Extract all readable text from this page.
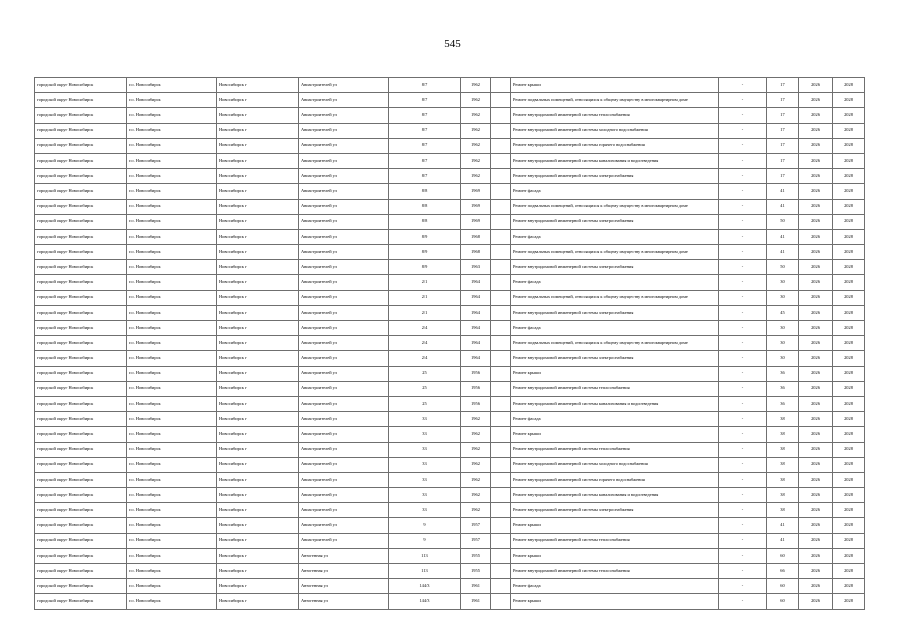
545
городской округ Новосибирск	г.о. Новосибирск	Новосибирск г	Авиастроителей ул	8/7	1962		Ремонт крыши	-	17	2026	2028
городской округ Новосибирск	г.о. Новосибирск	Новосибирск г	Авиастроителей ул	8/7	1962		Ремонт подвальных помещений, относящихся к общему имуществу в многоквартирном доме	-	17	2026	2028
городской округ Новосибирск	г.о. Новосибирск	Новосибирск г	Авиастроителей ул	8/7	1962		Ремонт внутридомовой инженерной системы теплоснабжения	-	17	2026	2028
городской округ Новосибирск	г.о. Новосибирск	Новосибирск г	Авиастроителей ул	8/7	1962		Ремонт внутридомовой инженерной системы холодного водоснабжения	-	17	2026	2028
городской округ Новосибирск	г.о. Новосибирск	Новосибирск г	Авиастроителей ул	8/7	1962		Ремонт внутридомовой инженерной системы горячего водоснабжения	-	17	2026	2028
городской округ Новосибирск	г.о. Новосибирск	Новосибирск г	Авиастроителей ул	8/7	1962		Ремонт внутридомовой инженерной системы канализования и водоотведения	-	17	2026	2028
городской округ Новосибирск	г.о. Новосибирск	Новосибирск г	Авиастроителей ул	8/7	1962		Ремонт внутридомовой инженерной системы электроснабжения	-	17	2026	2028
городской округ Новосибирск	г.о. Новосибирск	Новосибирск г	Авиастроителей ул	8/8	1969		Ремонт фасада	-	41	2026	2028
городской округ Новосибирск	г.о. Новосибирск	Новосибирск г	Авиастроителей ул	8/8	1969		Ремонт подвальных помещений, относящихся к общему имуществу в многоквартирном доме	-	41	2026	2028
городской округ Новосибирск	г.о. Новосибирск	Новосибирск г	Авиастроителей ул	8/8	1969		Ремонт внутридомовой инженерной системы электроснабжения	-	50	2026	2028
городской округ Новосибирск	г.о. Новосибирск	Новосибирск г	Авиастроителей ул	8/9	1968		Ремонт фасада	-	41	2026	2028
городской округ Новосибирск	г.о. Новосибирск	Новосибирск г	Авиастроителей ул	8/9	1968		Ремонт подвальных помещений, относящихся к общему имуществу в многоквартирном доме	-	41	2026	2028
городской округ Новосибирск	г.о. Новосибирск	Новосибирск г	Авиастроителей ул	8/9	1963		Ремонт внутридомовой инженерной системы электроснабжения	-	50	2026	2028
городской округ Новосибирск	г.о. Новосибирск	Новосибирск г	Авиастроителей ул	2/1	1964		Ремонт фасада	-	30	2026	2028
городской округ Новосибирск	г.о. Новосибирск	Новосибирск г	Авиастроителей ул	2/1	1964		Ремонт подвальных помещений, относящихся к общему имуществу в многоквартирном доме	-	30	2026	2028
городской округ Новосибирск	г.о. Новосибирск	Новосибирск г	Авиастроителей ул	2/1	1964		Ремонт внутридомовой инженерной системы электроснабжения	-	45	2026	2028
городской округ Новосибирск	г.о. Новосибирск	Новосибирск г	Авиастроителей ул	2/4	1964		Ремонт фасада	-	30	2026	2028
городской округ Новосибирск	г.о. Новосибирск	Новосибирск г	Авиастроителей ул	2/4	1964		Ремонт подвальных помещений, относящихся к общему имуществу в многоквартирном доме	-	30	2026	2028
городской округ Новосибирск	г.о. Новосибирск	Новосибирск г	Авиастроителей ул	2/4	1964		Ремонт внутридомовой инженерной системы электроснабжения	-	30	2026	2028
городской округ Новосибирск	г.о. Новосибирск	Новосибирск г	Авиастроителей ул	25	1956		Ремонт крыши	-	36	2026	2028
городской округ Новосибирск	г.о. Новосибирск	Новосибирск г	Авиастроителей ул	25	1956		Ремонт внутридомовой инженерной системы теплоснабжения	-	36	2026	2028
городской округ Новосибирск	г.о. Новосибирск	Новосибирск г	Авиастроителей ул	25	1956		Ремонт внутридомовой инженерной системы канализования и водоотведения	-	36	2026	2028
городской округ Новосибирск	г.о. Новосибирск	Новосибирск г	Авиастроителей ул	33	1962		Ремонт фасада	-	38	2026	2028
городской округ Новосибирск	г.о. Новосибирск	Новосибирск г	Авиастроителей ул	33	1962		Ремонт крыши	-	38	2026	2028
городской округ Новосибирск	г.о. Новосибирск	Новосибирск г	Авиастроителей ул	33	1962		Ремонт внутридомовой инженерной системы теплоснабжения	-	38	2026	2028
городской округ Новосибирск	г.о. Новосибирск	Новосибирск г	Авиастроителей ул	33	1962		Ремонт внутридомовой инженерной системы холодного водоснабжения	-	38	2026	2028
городской округ Новосибирск	г.о. Новосибирск	Новосибирск г	Авиастроителей ул	33	1962		Ремонт внутридомовой инженерной системы горячего водоснабжения	-	38	2026	2028
городской округ Новосибирск	г.о. Новосибирск	Новосибирск г	Авиастроителей ул	33	1962		Ремонт внутридомовой инженерной системы канализования и водоотведения	-	38	2026	2028
городской округ Новосибирск	г.о. Новосибирск	Новосибирск г	Авиастроителей ул	33	1962		Ремонт внутридомовой инженерной системы электроснабжения	-	38	2026	2028
городской округ Новосибирск	г.о. Новосибирск	Новосибирск г	Авиастроителей ул	9	1957		Ремонт крыши	-	41	2026	2028
городской округ Новосибирск	г.о. Новосибирск	Новосибирск г	Авиастроителей ул	9	1957		Ремонт внутридомовой инженерной системы теплоснабжения	-	41	2026	2028
городской округ Новосибирск	г.о. Новосибирск	Новосибирск г	Автогенная ул	113	1955		Ремонт крыши	-	60	2026	2028
городской округ Новосибирск	г.о. Новосибирск	Новосибирск г	Автогенная ул	113	1955		Ремонт внутридомовой инженерной системы теплоснабжения	-	66	2026	2028
городской округ Новосибирск	г.о. Новосибирск	Новосибирск г	Автогенная ул	144/3	1961		Ремонт фасада	-	60	2026	2028
городской округ Новосибирск	г.о. Новосибирск	Новосибирск г	Автогенная ул	144/3	1961		Ремонт крыши	-	60	2026	2028
